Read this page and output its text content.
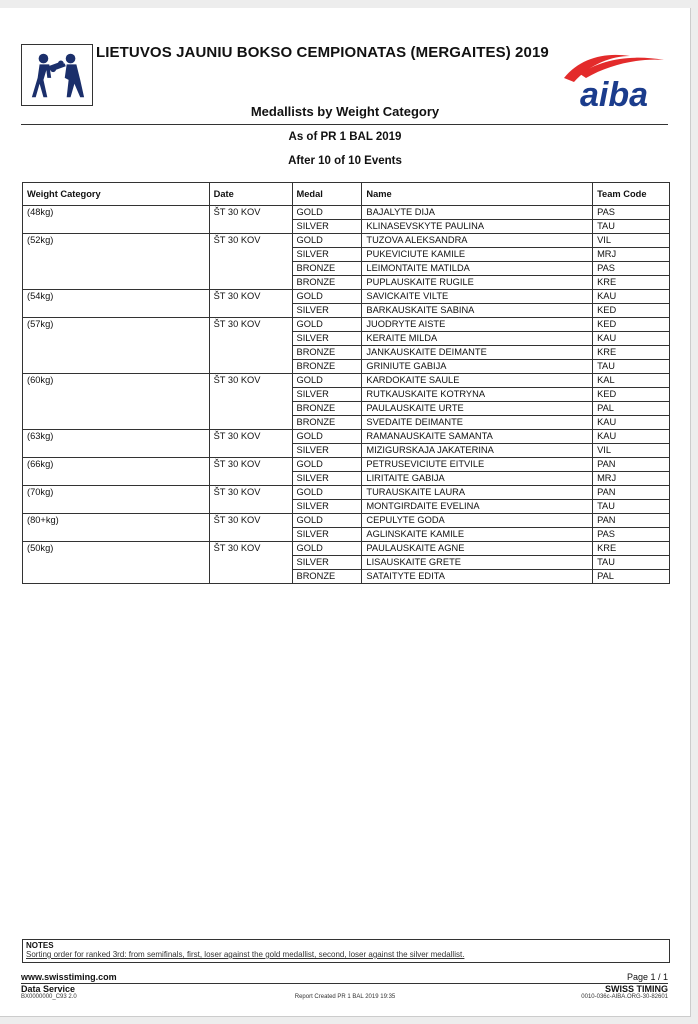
LIETUVOS JAUNIU BOKSO CEMPIONATAS (MERGAITES) 2019
aiba
Medallists by Weight Category
As of PR 1 BAL 2019
After 10 of 10 Events
Weight Category	Date	Medal	Name	Team Code
(48kg)	ŠT 30 KOV	GOLD	BAJALYTE DIJA	PAS
		SILVER	KLINASEVSKYTE PAULINA	TAU
(52kg)	ŠT 30 KOV	GOLD	TUZOVA ALEKSANDRA	VIL
		SILVER	PUKEVICIUTE KAMILE	MRJ
		BRONZE	LEIMONTAITE MATILDA	PAS
		BRONZE	PUPLAUSKAITE RUGILE	KRE
(54kg)	ŠT 30 KOV	GOLD	SAVICKAITE VILTE	KAU
		SILVER	BARKAUSKAITE SABINA	KED
(57kg)	ŠT 30 KOV	GOLD	JUODRYTE AISTE	KED
		SILVER	KERAITE MILDA	KAU
		BRONZE	JANKAUSKAITE DEIMANTE	KRE
		BRONZE	GRINIUTE GABIJA	TAU
(60kg)	ŠT 30 KOV	GOLD	KARDOKAITE SAULE	KAL
		SILVER	RUTKAUSKAITE KOTRYNA	KED
		BRONZE	PAULAUSKAITE URTE	PAL
		BRONZE	SVEDAITE DEIMANTE	KAU
(63kg)	ŠT 30 KOV	GOLD	RAMANAUSKAITE SAMANTA	KAU
		SILVER	MIZIGURSKAJA JAKATERINA	VIL
(66kg)	ŠT 30 KOV	GOLD	PETRUSEVICIUTE EITVILE	PAN
		SILVER	LIRITAITE GABIJA	MRJ
(70kg)	ŠT 30 KOV	GOLD	TURAUSKAITE LAURA	PAN
		SILVER	MONTGIRDAITE EVELINA	TAU
(80+kg)	ŠT 30 KOV	GOLD	CEPULYTE GODA	PAN
		SILVER	AGLINSKAITE KAMILE	PAS
(50kg)	ŠT 30 KOV	GOLD	PAULAUSKAITE AGNE	KRE
		SILVER	LISAUSKAITE GRETE	TAU
		BRONZE	SATAITYTE EDITA	PAL
NOTES
Sorting order for ranked 3rd: from semifinals, first, loser against the gold medallist, second, loser against the silver medallist.
www.swisstiming.com
Data Service
BX0000000_C93 2.0	Report Created PR 1 BAL 2019 19:35
Page 1 / 1
SWISS TIMING
0010-036c-AIBA.ORG-30-82601
